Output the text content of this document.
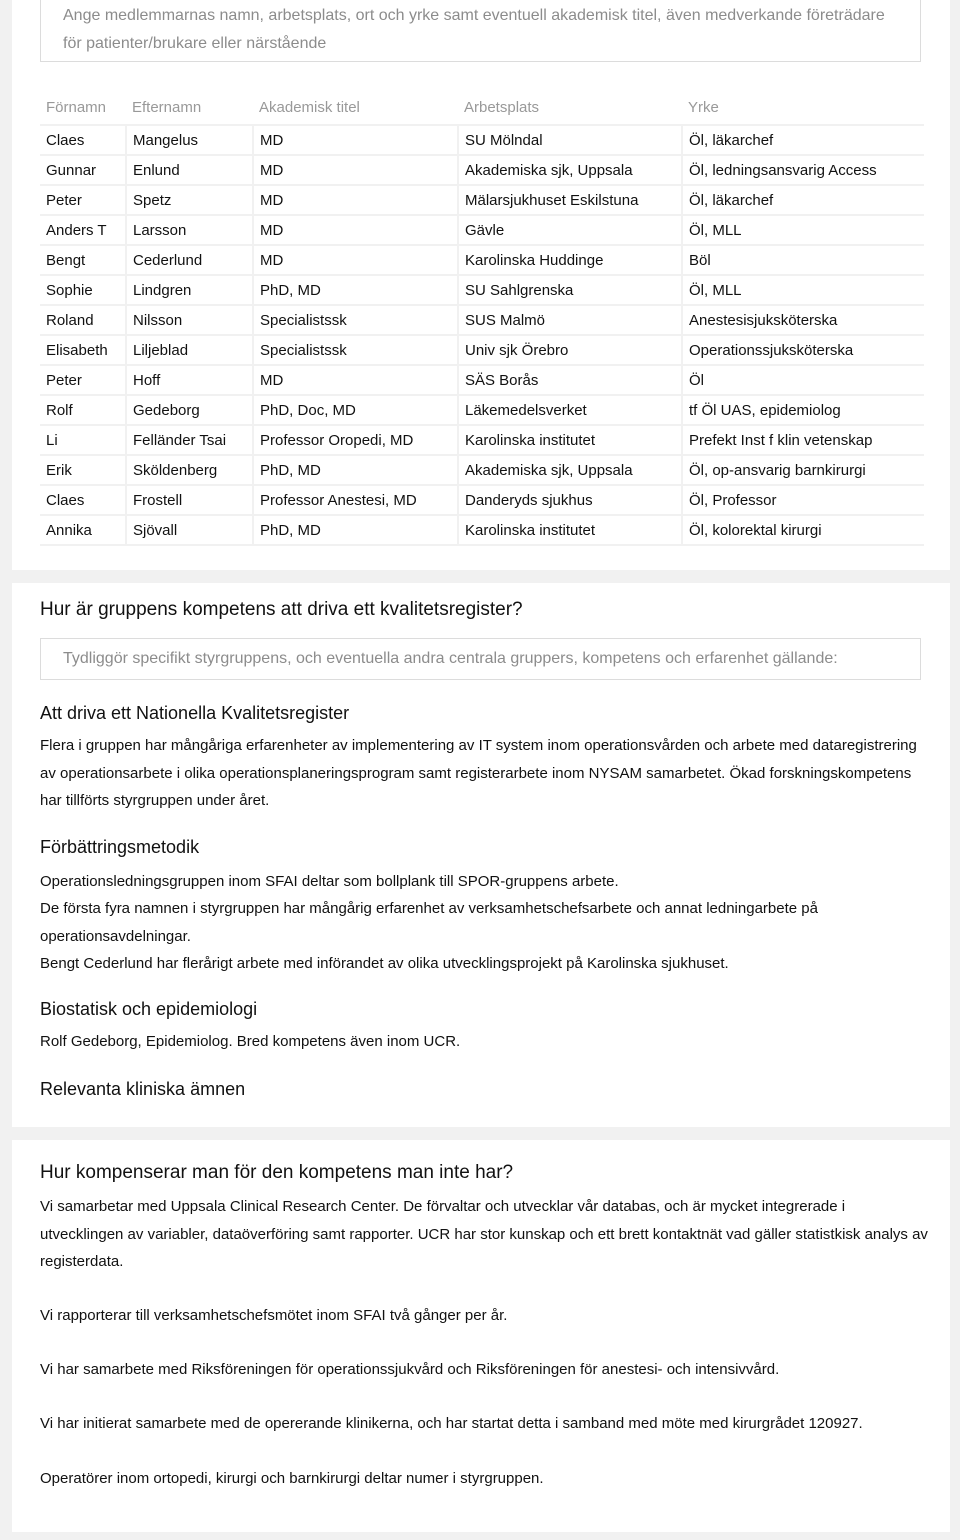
Ange medlemmarnas namn, arbetsplats, ort och yrke samt eventuell akademisk titel, även medverkande företrädare för patienter/brukare eller närstående
Förnamn	Efternamn	Akademisk titel	Arbetsplats	Yrke
Claes	Mangelus	MD	SU Mölndal	Öl, läkarchef
Gunnar	Enlund	MD	Akademiska sjk, Uppsala	Öl, ledningsansvarig Access
Peter	Spetz	MD	Mälarsjukhuset Eskilstuna	Öl, läkarchef
Anders T	Larsson	MD	Gävle	Öl, MLL
Bengt	Cederlund	MD	Karolinska Huddinge	Böl
Sophie	Lindgren	PhD, MD	SU Sahlgrenska	Öl, MLL
Roland	Nilsson	Specialistssk	SUS Malmö	Anestesisjuksköterska
Elisabeth	Liljeblad	Specialistssk	Univ sjk Örebro	Operationssjuksköterska
Peter	Hoff	MD	SÄS Borås	Öl
Rolf	Gedeborg	PhD, Doc, MD	Läkemedelsverket	tf Öl UAS, epidemiolog
Li	Felländer Tsai	Professor Oropedi, MD	Karolinska institutet	Prefekt Inst f klin vetenskap
Erik	Sköldenberg	PhD, MD	Akademiska sjk, Uppsala	Öl, op-ansvarig barnkirurgi
Claes	Frostell	Professor Anestesi, MD	Danderyds sjukhus	Öl, Professor
Annika	Sjövall	PhD, MD	Karolinska institutet	Öl, kolorektal kirurgi
Hur är gruppens kompetens att driva ett kvalitetsregister?
Tydliggör specifikt styrgruppens, och eventuella andra centrala gruppers, kompetens och erfarenhet gällande:
Att driva ett Nationella Kvalitetsregister
Flera i gruppen har mångåriga erfarenheter av implementering av IT system inom operationsvården och arbete med dataregistrering av operationsarbete i olika operationsplaneringsprogram samt registerarbete inom NYSAM samarbetet. Ökad forskningskompetens har tillförts styrgruppen under året.
Förbättringsmetodik
Operationsledningsgruppen inom SFAI deltar som bollplank till SPOR-gruppens arbete.
De första fyra namnen i styrgruppen har mångårig erfarenhet av verksamhetschefsarbete och annat ledningarbete på operationsavdelningar.
Bengt Cederlund har flerårigt arbete med införandet av olika utvecklingsprojekt på Karolinska sjukhuset.
Biostatisk och epidemiologi
Rolf Gedeborg, Epidemiolog. Bred kompetens även inom UCR.
Relevanta kliniska ämnen
Hur kompenserar man för den kompetens man inte har?
Vi samarbetar med Uppsala Clinical Research Center. De förvaltar och utvecklar vår databas, och är mycket integrerade i utvecklingen av variabler, dataöverföring samt rapporter. UCR har stor kunskap och ett brett kontaktnät vad gäller statistkisk analys av registerdata.
Vi rapporterar till verksamhetschefsmötet inom SFAI två gånger per år.
Vi har samarbete med Riksföreningen för operationssjukvård och Riksföreningen för anestesi- och intensivvård.
Vi har initierat samarbete med de opererande klinikerna, och har startat detta i samband med möte med kirurgrådet 120927.
Operatörer inom ortopedi, kirurgi och barnkirurgi deltar numer i styrgruppen.
